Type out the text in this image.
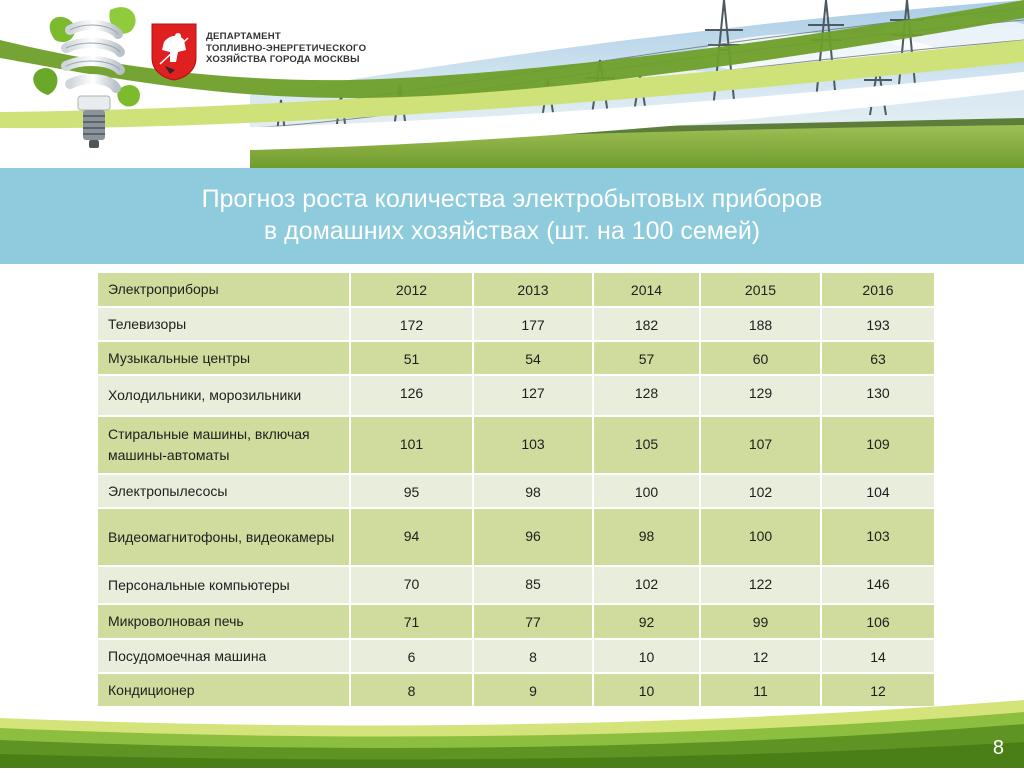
ДЕПАРТАМЕНТ
ТОПЛИВНО-ЭНЕРГЕТИЧЕСКОГО
ХОЗЯЙСТВА ГОРОДА МОСКВЫ
Прогноз роста количества электробытовых приборов
в домашних хозяйствах (шт. на 100 семей)
Электроприборы	2012	2013	2014	2015	2016
Телевизоры	172	177	182	188	193
Музыкальные центры	51	54	57	60	63
Холодильники, морозильники	126	127	128	129	130
Стиральные машины, включая машины-автоматы	101	103	105	107	109
Электропылесосы	95	98	100	102	104
Видеомагнитофоны, видеокамеры	94	96	98	100	103
Персональные компьютеры	70	85	102	122	146
Микроволновая печь	71	77	92	99	106
Посудомоечная машина	6	8	10	12	14
Кондиционер	8	9	10	11	12
8
